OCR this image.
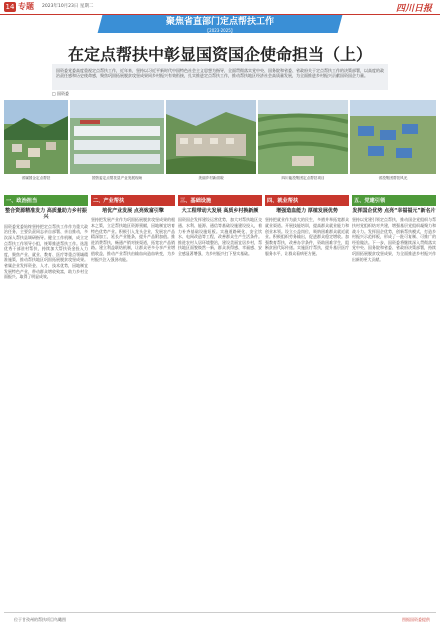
14 专题 2023年10月23日 星期二	四川日报
聚焦省直部门定点帮扶工作
【2023·2025】
在定点帮扶中彰显国资国企使命担当（上）
国资委党委高度重视定点帮扶工作，近年来，坚持以习近平新时代中国特色社会主义思想为指导，全面贯彻落实党中央、国务院和省委、省政府关于定点帮扶工作的决策部署，以高度的政治责任感和历史使命感，聚焦巩固拓展脱贫攻坚成果同乡村振兴有效衔接，扎实推进定点帮扶工作，推动帮扶地区经济社会高质量发展，为全面推进乡村振兴贡献国资国企力量。
□ 国资委
省属国企定点帮扶	国资委定点帮扶县产业发展现场	美丽乡村新面貌	四川能投集团定点帮扶项目	省投集团帮扶风光
一、政治担当
整合资源精准发力 高质量助力乡村振兴
国资委党委始终坚持把定点帮扶工作作为重大政治任务，主要负责同志亲自部署、亲自推动，多次深入帮扶县调研指导。健全工作机制，成立定点帮扶工作领导小组，统筹推进帮扶工作。选派优秀干部驻村帮扶，持续加大帮扶资金投入力度，聚焦产业、就业、教育、医疗等重点领域精准施策，推动帮扶地区巩固拓展脱贫攻坚成果。省属企业发挥资金、人才、技术优势，因地制宜发展特色产业，带动群众增收致富，助力乡村全面振兴，取得了明显成效。
二、产业帮扶
培优产业发展 点亮致富引擎
坚持把发展产业作为巩固拓展脱贫攻坚成果的根本之策，立足帮扶地区资源禀赋，因地制宜培育特色优势产业。积极引入龙头企业，发展农产品精深加工，延长产业链条，提升产品附加值。推进消费帮扶，畅通产销对接渠道，拓宽农产品销路。建立利益联结机制，让群众更多分享产业增值收益，推动产业帮扶由输血向造血转变，为乡村振兴注入强劲动能。
三、基础设施
大工程带动大发展 高质乡村换新颜
国资国企发挥建设运营优势，加大对帮扶地区交通、水利、能源、通信等基础设施建设投入，着力补齐基础设施短板。实施道路硬化、安全饮水、电网改造等工程，改善群众生产生活条件。推进农村人居环境整治，建设美丽宜居乡村，帮扶地区面貌焕然一新，群众获得感、幸福感、安全感显著增强，为乡村振兴打下坚实基础。
四、就业帮扶
增强造血能力 厚植发展优势
坚持把就业作为最大的民生，多措并举拓宽群众就业渠道。开展技能培训，提高群众就业能力和创业本领。设立公益岗位，吸纳困难群众就近就业。积极组织劳务输出，促进群众稳定增收。加强教育帮扶，改善办学条件，资助困难学生，阻断贫困代际传递。实施医疗帮扶，提升基层医疗服务水平，让群众看病更方便。
五、党建引领
发挥国企优势 点亮“幸福福元”新名片
坚持以党建引领定点帮扶，推动国企党组织与帮扶村党组织结对共建，增强基层党组织凝聚力和战斗力。发挥国企优势，创新帮扶模式，打造乡村振兴示范样板，形成了一批可复制、可推广的经验做法。下一步，国资委将继续深入贯彻落实党中央、国务院和省委、省政府决策部署，持续巩固拓展脱贫攻坚成果，为全面推进乡村振兴作出新的更大贡献。
位于甘孜州的帮扶项目鸟瞰图	图据国资委提供
